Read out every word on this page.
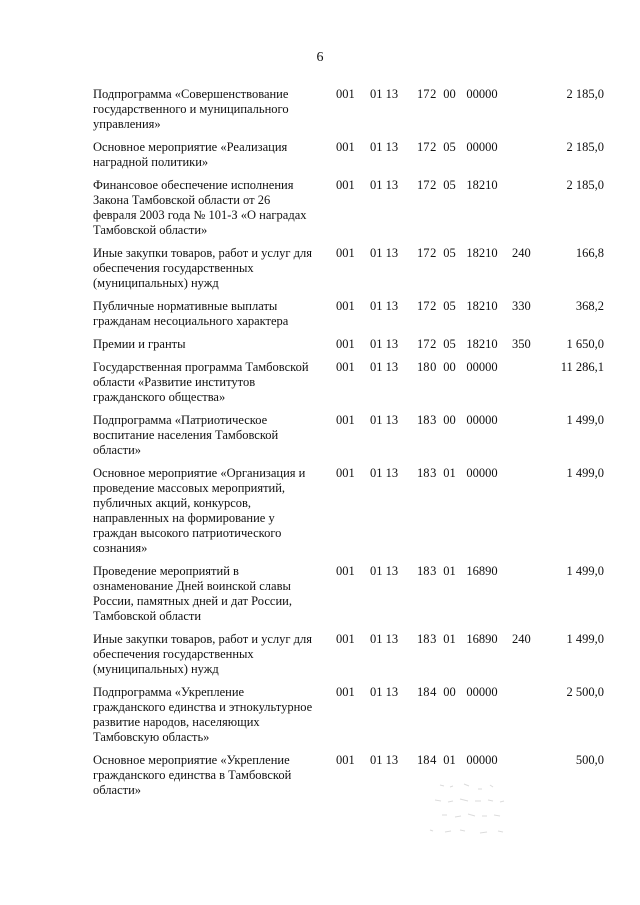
6
Подпрограмма «Совершенствование государственного и муниципального управления»
001 01 13 17 2 00 00000	2 185,0
Основное мероприятие «Реализация наградной политики»
001 01 13 17 2 05 00000	2 185,0
Финансовое обеспечение исполнения Закона Тамбовской области от 26 февраля 2003 года № 101-З «О наградах Тамбовской области»
001 01 13 17 2 05 18210	2 185,0
Иные закупки товаров, работ и услуг для обеспечения государственных (муниципальных) нужд
001 01 13 17 2 05 18210 240	166,8
Публичные нормативные выплаты гражданам несоциального характера
001 01 13 17 2 05 18210 330	368,2
Премии и гранты	001 01 13 17 2 05 18210 350	1 650,0
Государственная программа Тамбовской области «Развитие институтов гражданского общества»
001 01 13 18 0 00 00000	11 286,1
Подпрограмма «Патриотическое воспитание населения Тамбовской области»
001 01 13 18 3 00 00000	1 499,0
Основное мероприятие «Организация и проведение массовых мероприятий, публичных акций, конкурсов, направленных на формирование у граждан высокого патриотического сознания»
001 01 13 18 3 01 00000	1 499,0
Проведение мероприятий в ознаменование Дней воинской славы России, памятных дней и дат России, Тамбовской области
001 01 13 18 3 01 16890	1 499,0
Иные закупки товаров, работ и услуг для обеспечения государственных (муниципальных) нужд
001 01 13 18 3 01 16890 240	1 499,0
Подпрограмма «Укрепление гражданского единства и этнокультурное развитие народов, населяющих Тамбовскую область»
001 01 13 18 4 00 00000	2 500,0
Основное мероприятие «Укрепление гражданского единства в Тамбовской области»
001 01 13 18 4 01 00000	500,0
